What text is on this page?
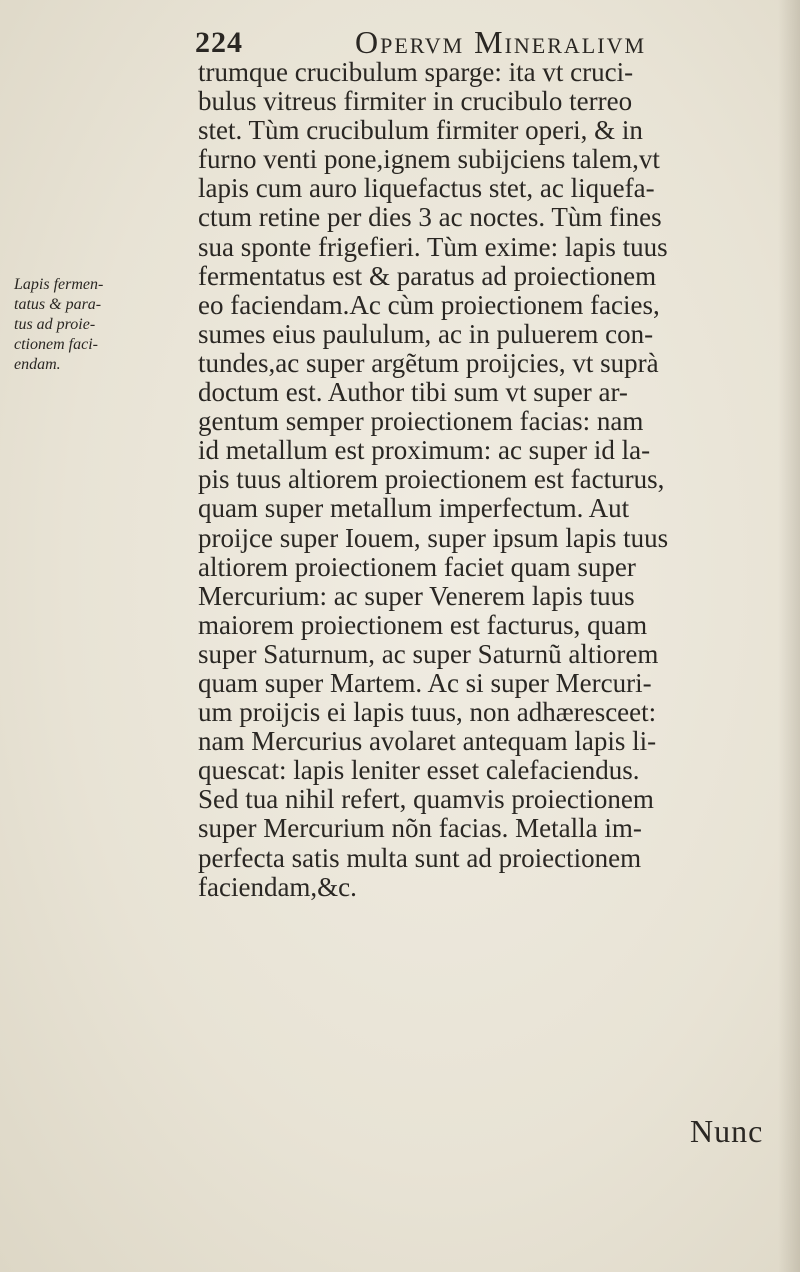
224	Opervm Mineralivm
Lapis fermen-
tatus & para-
tus ad proie-
ctionem faci-
endam.
trumque crucibulum sparge: ita vt cruci-
bulus vitreus firmiter in crucibulo terreo
stet. Tùm crucibulum firmiter operi, & in
furno venti pone,ignem subijciens talem,vt
lapis cum auro liquefactus stet, ac liquefa-
ctum retine per dies 3 ac noctes. Tùm fines
sua sponte frigefieri. Tùm exime: lapis tuus
fermentatus est & paratus ad proiectionem
eo faciendam.Ac cùm proiectionem facies,
sumes eius paululum, ac in puluerem con-
tundes,ac super argẽtum proijcies, vt suprà
doctum est. Author tibi sum vt super ar-
gentum semper proiectionem facias: nam
id metallum est proximum: ac super id la-
pis tuus altiorem proiectionem est facturus,
quam super metallum imperfectum. Aut
proijce super Iouem, super ipsum lapis tuus
altiorem proiectionem faciet quam super
Mercurium: ac super Venerem lapis tuus
maiorem proiectionem est facturus, quam
super Saturnum, ac super Saturnũ altiorem
quam super Martem. Ac si super Mercuri-
um proijcis ei lapis tuus, non adhæresceet:
nam Mercurius avolaret antequam lapis li-
quescat: lapis leniter esset calefaciendus.
Sed tua nihil refert, quamvis proiectionem
super Mercurium nõn facias. Metalla im-
perfecta satis multa sunt ad proiectionem
faciendam,&c.
Nunc
